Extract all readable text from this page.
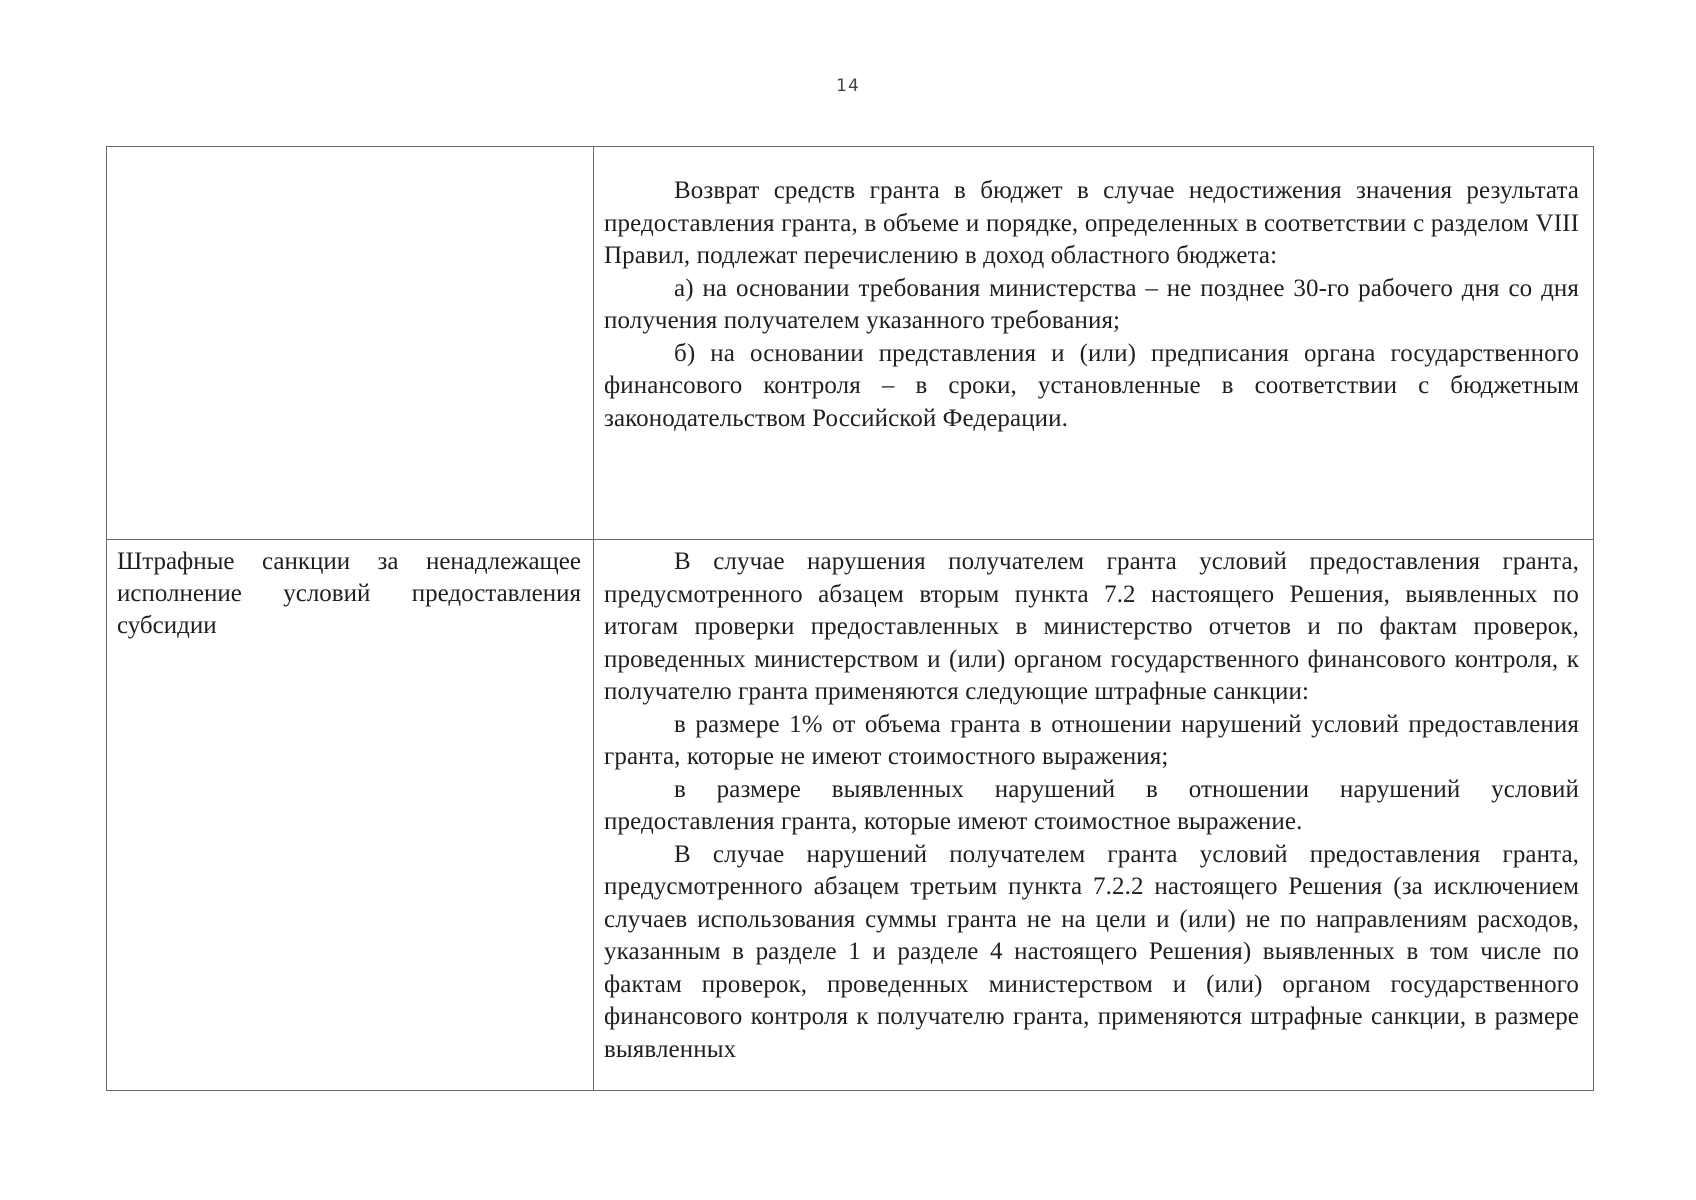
14

	Возврат средств гранта в бюджет в случае недостижения значения результата предоставления гранта, в объеме и порядке, определенных в соответствии с разделом VIII Правил, подлежат перечислению в доход областного бюджета:

а) на основании требования министерства – не позднее 30-го рабочего дня со дня получения получателем указанного требования;

б) на основании представления и (или) предписания органа государственного финансового контроля – в сроки, установленные в соответствии с бюджетным законодательством Российской Федерации.

Штрафные санкции за ненадлежащее исполнение условий предоставления субсидии	В случае нарушения получателем гранта условий предоставления гранта, предусмотренного абзацем вторым пункта 7.2 настоящего Решения, выявленных по итогам проверки предоставленных в министерство отчетов и по фактам проверок, проведенных министерством и (или) органом государственного финансового контроля, к получателю гранта применяются следующие штрафные санкции:

в размере 1% от объема гранта в отношении нарушений условий предоставления гранта, которые не имеют стоимостного выражения;

в размере выявленных нарушений в отношении нарушений условий предоставления гранта, которые имеют стоимостное выражение.

В случае нарушений получателем гранта условий предоставления гранта, предусмотренного абзацем третьим пункта 7.2.2 настоящего Решения (за исключением случаев использования суммы гранта не на цели и (или) не по направлениям расходов, указанным в разделе 1 и разделе 4 настоящего Решения) выявленных в том числе по фактам проверок, проведенных министерством и (или) органом государственного финансового контроля к получателю гранта, применяются штрафные санкции, в размере выявленных
